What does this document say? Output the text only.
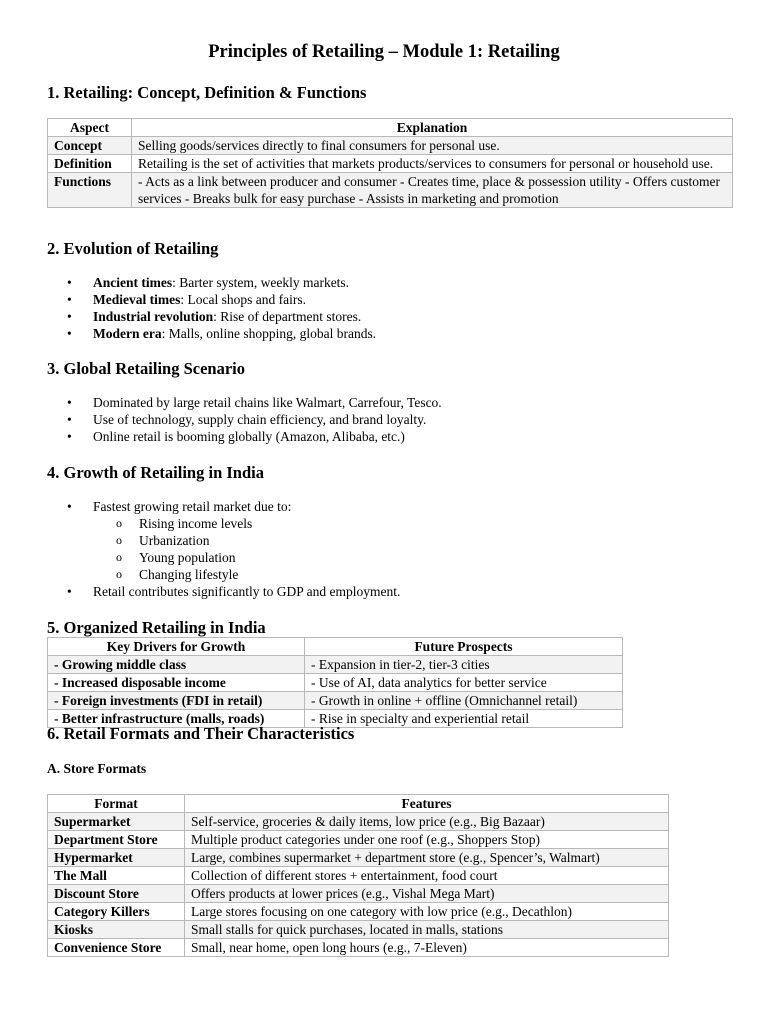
Principles of Retailing – Module 1: Retailing
1. Retailing: Concept, Definition & Functions
Aspect	Explanation
Concept	Selling goods/services directly to final consumers for personal use.
Definition	Retailing is the set of activities that markets products/services to consumers for personal or household use.
Functions	- Acts as a link between producer and consumer - Creates time, place & possession utility - Offers customer services - Breaks bulk for easy purchase - Assists in marketing and promotion
2. Evolution of Retailing
• Ancient times: Barter system, weekly markets.
• Medieval times: Local shops and fairs.
• Industrial revolution: Rise of department stores.
• Modern era: Malls, online shopping, global brands.
3. Global Retailing Scenario
• Dominated by large retail chains like Walmart, Carrefour, Tesco.
• Use of technology, supply chain efficiency, and brand loyalty.
• Online retail is booming globally (Amazon, Alibaba, etc.)
4. Growth of Retailing in India
• Fastest growing retail market due to:
o Rising income levels
o Urbanization
o Young population
o Changing lifestyle
• Retail contributes significantly to GDP and employment.
5. Organized Retailing in India
Key Drivers for Growth	Future Prospects
- Growing middle class	- Expansion in tier-2, tier-3 cities
- Increased disposable income	- Use of AI, data analytics for better service
- Foreign investments (FDI in retail)	- Growth in online + offline (Omnichannel retail)
- Better infrastructure (malls, roads)	- Rise in specialty and experiential retail
6. Retail Formats and Their Characteristics
A. Store Formats
Format	Features
Supermarket	Self-service, groceries & daily items, low price (e.g., Big Bazaar)
Department Store	Multiple product categories under one roof (e.g., Shoppers Stop)
Hypermarket	Large, combines supermarket + department store (e.g., Spencer’s, Walmart)
The Mall	Collection of different stores + entertainment, food court
Discount Store	Offers products at lower prices (e.g., Vishal Mega Mart)
Category Killers	Large stores focusing on one category with low price (e.g., Decathlon)
Kiosks	Small stalls for quick purchases, located in malls, stations
Convenience Store	Small, near home, open long hours (e.g., 7-Eleven)
